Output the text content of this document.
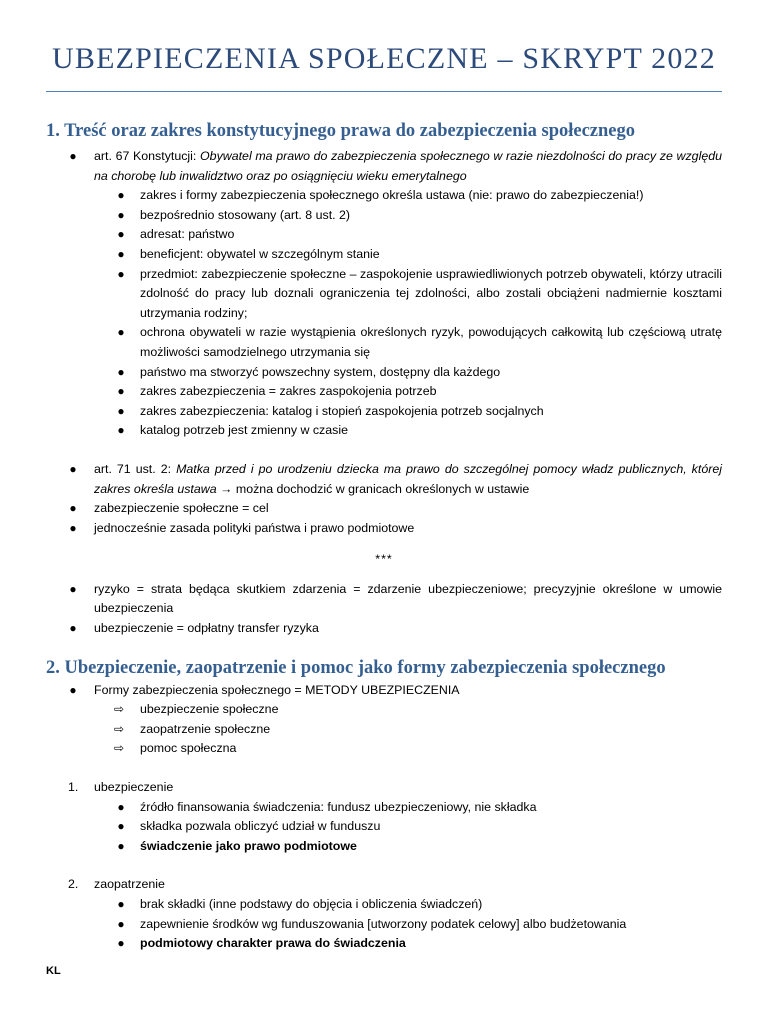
UBEZPIECZENIA SPOŁECZNE – SKRYPT 2022
1. Treść oraz zakres konstytucyjnego prawa do zabezpieczenia społecznego
● art. 67 Konstytucji: Obywatel ma prawo do zabezpieczenia społecznego w razie niezdolności do pracy ze względu na chorobę lub inwalidztwo oraz po osiągnięciu wieku emerytalnego
● zakres i formy zabezpieczenia społecznego określa ustawa (nie: prawo do zabezpieczenia!)
● bezpośrednio stosowany (art. 8 ust. 2)
● adresat: państwo
● beneficjent: obywatel w szczególnym stanie
● przedmiot: zabezpieczenie społeczne – zaspokojenie usprawiedliwionych potrzeb obywateli, którzy utracili zdolność do pracy lub doznali ograniczenia tej zdolności, albo zostali obciążeni nadmiernie kosztami utrzymania rodziny;
● ochrona obywateli w razie wystąpienia określonych ryzyk, powodujących całkowitą lub częściową utratę możliwości samodzielnego utrzymania się
● państwo ma stworzyć powszechny system, dostępny dla każdego
● zakres zabezpieczenia = zakres zaspokojenia potrzeb
● zakres zabezpieczenia: katalog i stopień zaspokojenia potrzeb socjalnych
● katalog potrzeb jest zmienny w czasie
● art. 71 ust. 2: Matka przed i po urodzeniu dziecka ma prawo do szczególnej pomocy władz publicznych, której zakres określa ustawa → można dochodzić w granicach określonych w ustawie
● zabezpieczenie społeczne = cel
● jednocześnie zasada polityki państwa i prawo podmiotowe
***
● ryzyko = strata będąca skutkiem zdarzenia = zdarzenie ubezpieczeniowe; precyzyjnie określone w umowie ubezpieczenia
● ubezpieczenie = odpłatny transfer ryzyka
2. Ubezpieczenie, zaopatrzenie i pomoc jako formy zabezpieczenia społecznego
● Formy zabezpieczenia społecznego = METODY UBEZPIECZENIA
⇨ ubezpieczenie społeczne
⇨ zaopatrzenie społeczne
⇨ pomoc społeczna
1.	ubezpieczenie
● źródło finansowania świadczenia: fundusz ubezpieczeniowy, nie składka
● składka pozwala obliczyć udział w funduszu
● świadczenie jako prawo podmiotowe
2.	zaopatrzenie
● brak składki (inne podstawy do objęcia i obliczenia świadczeń)
● zapewnienie środków wg funduszowania [utworzony podatek celowy] albo budżetowania
● podmiotowy charakter prawa do świadczenia
KL
